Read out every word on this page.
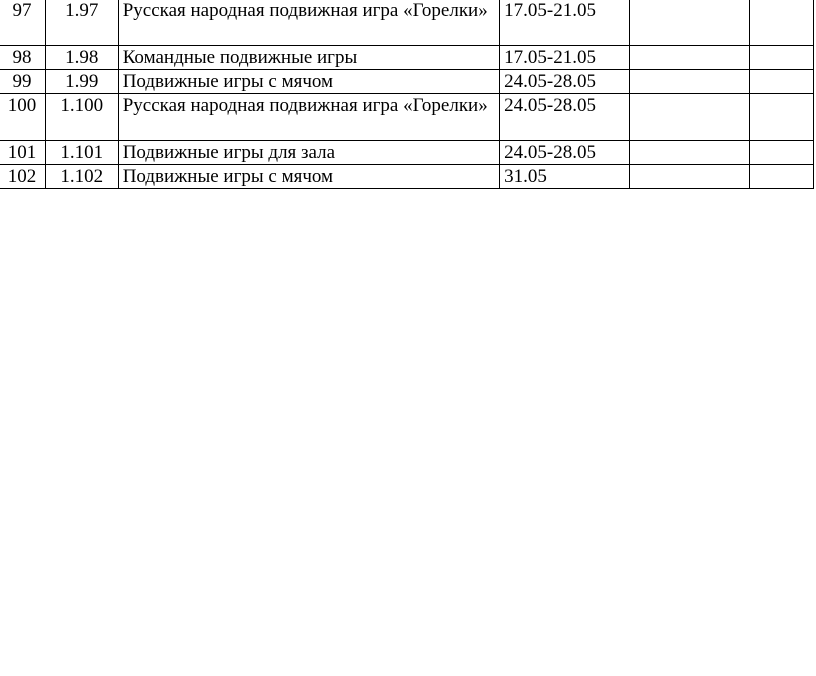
97	1.97	Русская народная подвижная игра «Горелки»	17.05-21.05		
98	1.98	Командные подвижные игры	17.05-21.05		
99	1.99	Подвижные игры с мячом	24.05-28.05		
100	1.100	Русская народная подвижная игра «Горелки»	24.05-28.05		
101	1.101	Подвижные игры для зала	24.05-28.05		
102	1.102	Подвижные игры с мячом	31.05		
